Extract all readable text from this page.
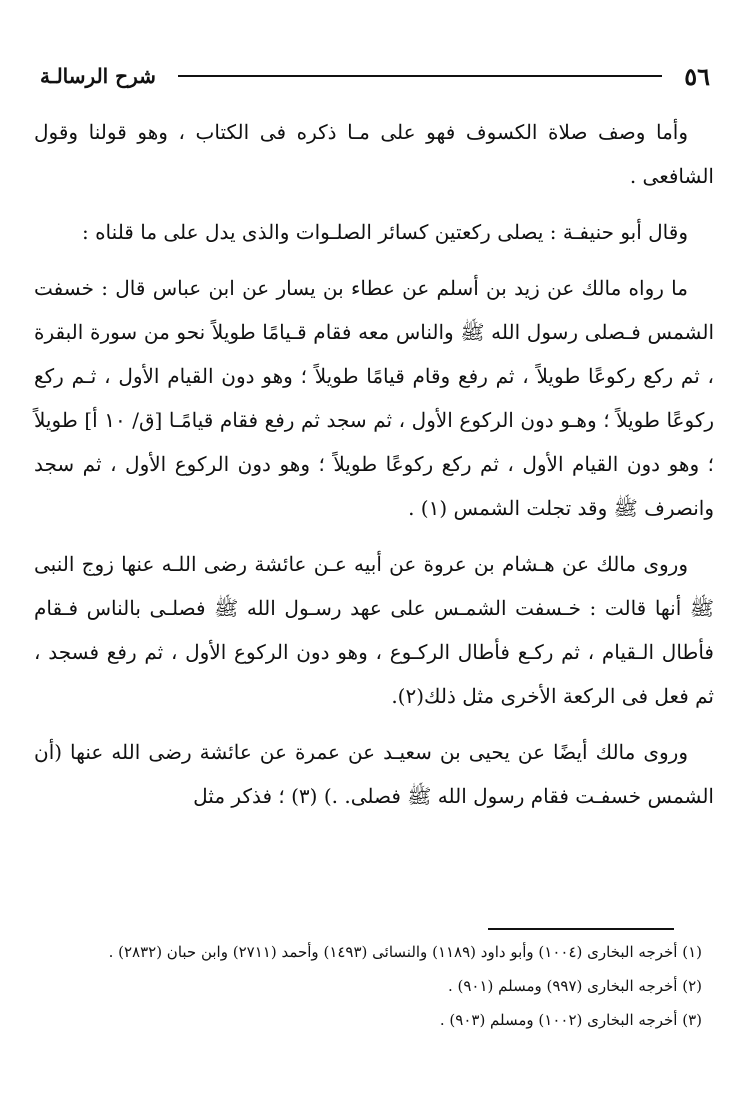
٥٦
شرح الرسالـة

وأما وصف صلاة الكسوف فهو على مـا ذكره فى الكتاب ، وهو قولنا وقول الشافعى .

وقال أبو حنيفـة : يصلى ركعتين كسائر الصلـوات والذى يدل على ما قلناه :

ما رواه مالك عن زيد بن أسلم عن عطاء بن يسار عن ابن عباس قال : خسفت الشمس فـصلى رسول الله ﷺ والناس معه فقام قـيامًا طويلاً نحو من سورة البقرة ، ثم ركع ركوعًا طويلاً ، ثم رفع وقام قيامًا طويلاً ؛ وهو دون القيام الأول ، ثـم ركع ركوعًا طويلاً ؛ وهـو دون الركوع الأول ، ثم سجد ثم رفع فقام قيامًـا [ق/ ١٠ أ] طويلاً ؛ وهو دون القيام الأول ، ثم ركع ركوعًا طويلاً ؛ وهو دون الركوع الأول ، ثم سجد وانصرف ﷺ وقد تجلت الشمس (١) .

وروى مالك عن هـشام بن عروة عن أبيه عـن عائشة رضى اللـه عنها زوج النبى ﷺ أنها قالت : خـسفت الشمـس على عهد رسـول الله ﷺ فصلـى بالناس فـقام فأطال الـقيام ، ثم ركـع فأطال الركـوع ، وهو دون الركوع الأول ، ثم رفع فسجد ، ثم فعل فى الركعة الأخرى مثل ذلك(٢).

وروى مالك أيضًا عن يحيى بن سعيـد عن عمرة عن عائشة رضى الله عنها (أن الشمس خسفـت فقام رسول الله ﷺ فصلى. .) (٣) ؛ فذكر مثل

(١) أخرجه البخارى (١٠٠٤) وأبو داود (١١٨٩) والنسائى (١٤٩٣) وأحمد (٢٧١١) وابن حبان (٢٨٣٢) .

(٢) أخرجه البخارى (٩٩٧) ومسلم (٩٠١) .

(٣) أخرجه البخارى (١٠٠٢) ومسلم (٩٠٣) .
